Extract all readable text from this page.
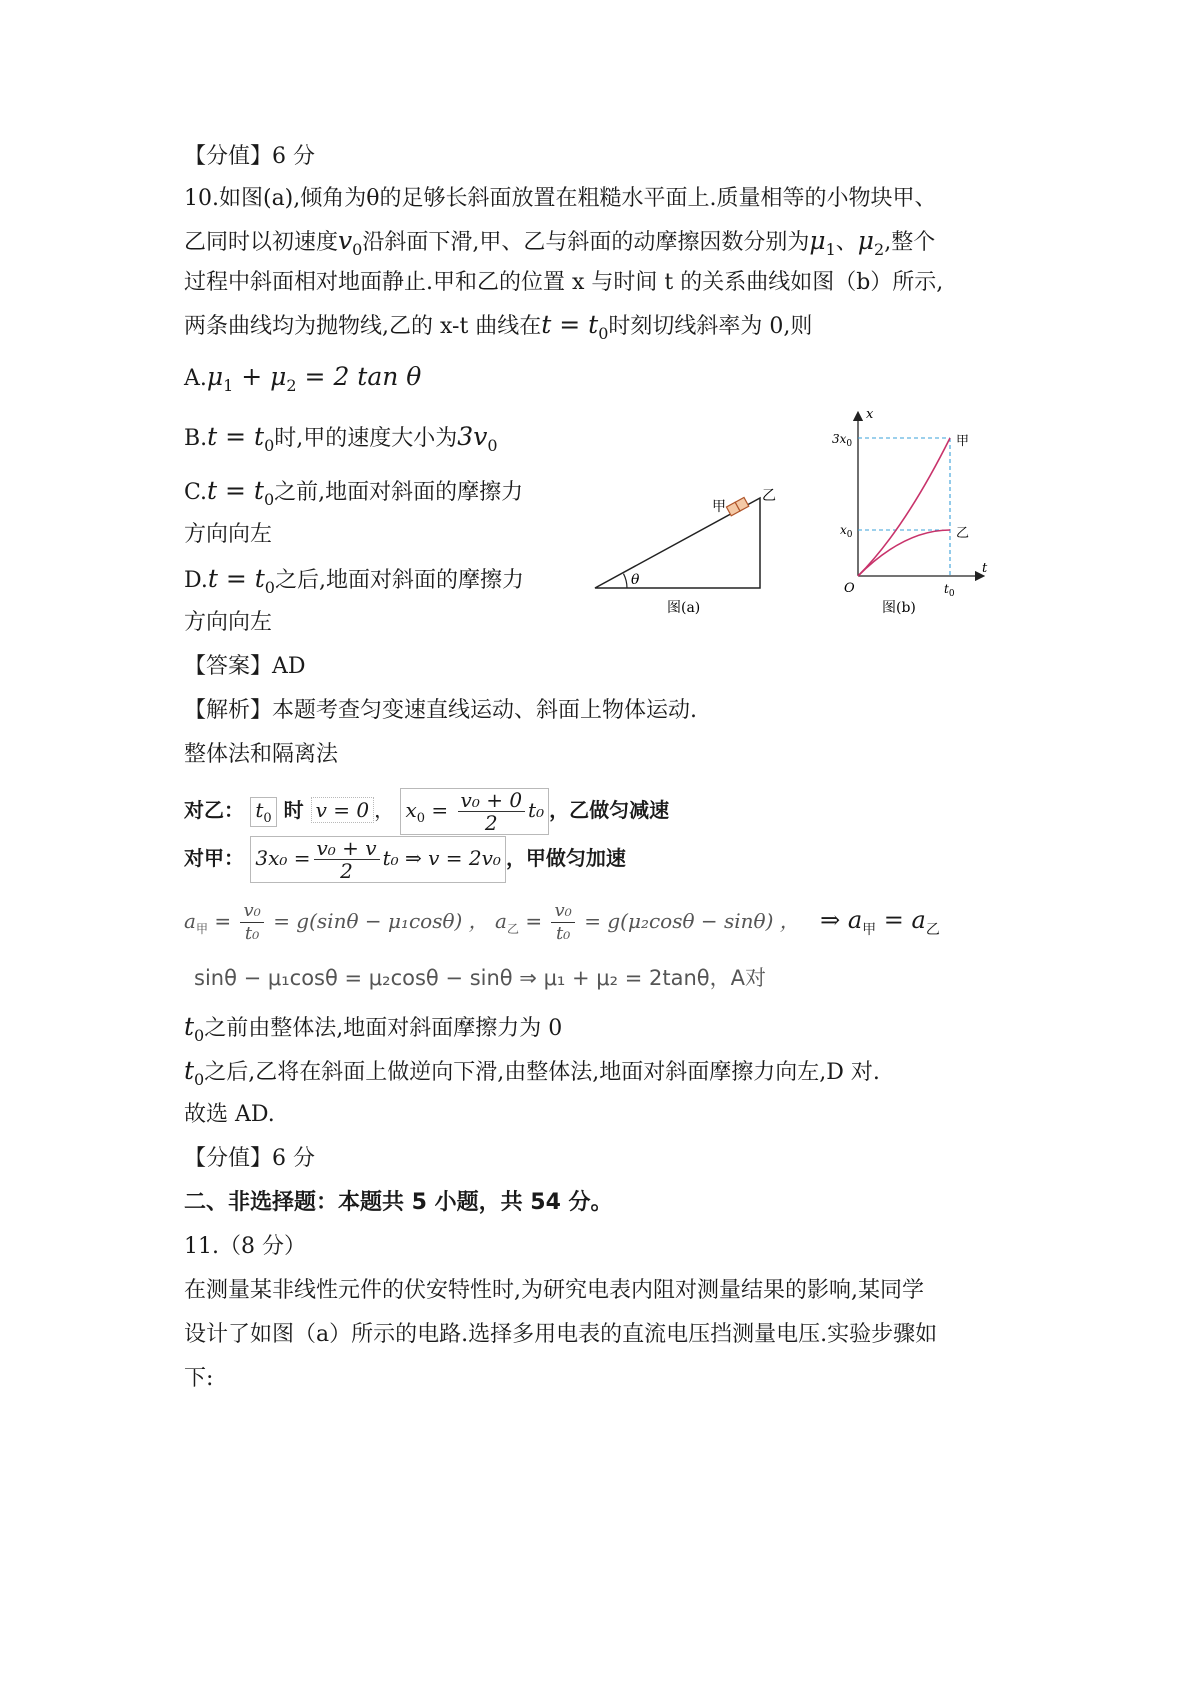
【分值】6 分
10.如图(a),倾角为θ的足够长斜面放置在粗糙水平面上.质量相等的小物块甲、
乙同时以初速度$v_0$沿斜面下滑,甲、乙与斜面的动摩擦因数分别为$\mu_1$、$\mu_2$,整个
过程中斜面相对地面静止.甲和乙的位置 x 与时间 t 的关系曲线如图（b）所示,
两条曲线均为抛物线,乙的 x-t 曲线在$t = t_0$时刻切线斜率为 0,则
$A.\mu_1 + \mu_2 = 2$ tan θ
$B.t = t_0$时,甲的速度大小为$3v_0$
$C.t = t_0$之前,地面对斜面的摩擦力
方向向左
$D.t = t_0$之后,地面对斜面的摩擦力
方向向左
θ
甲
乙
图(a)
x
t
O
$3x_0$
$x_0$
$t_0$
甲
乙
图(b)
【答案】AD
【解析】本题考查匀变速直线运动、斜面上物体运动.
整体法和隔离法
对乙： $t_0$ 时 v = 0 ， $x_0 = \frac{\text{v₀ + 0}}{2} t_0$ ，乙做匀减速
对甲： $3x_0 = \frac{\text{v₀ + v}}{2} t_0$ ⇒ v = 2v₀ ，甲做匀加速
$a_甲 = \frac{\text{v₀}}{\text{t₀}} = g(\sin\theta - \mu_1\cos\theta)$ ， $a_乙 = \frac{\text{v₀}}{\text{t₀}} = g(\mu_2\cos\theta - \sin\theta)$ ， ⇒ $a_甲 = a_乙$
sinθ − μ₁cosθ = μ₂cosθ − sinθ ⇒ μ₁ + μ₂ = 2tanθ，A对
$t_0$之前由整体法,地面对斜面摩擦力为 0
$t_0$之后,乙将在斜面上做逆向下滑,由整体法,地面对斜面摩擦力向左,D 对.
故选 AD.
【分值】6 分
二、非选择题：本题共 5 小题，共 54 分。
11.（8 分）
在测量某非线性元件的伏安特性时,为研究电表内阻对测量结果的影响,某同学
设计了如图（a）所示的电路.选择多用电表的直流电压挡测量电压.实验步骤如
下:
